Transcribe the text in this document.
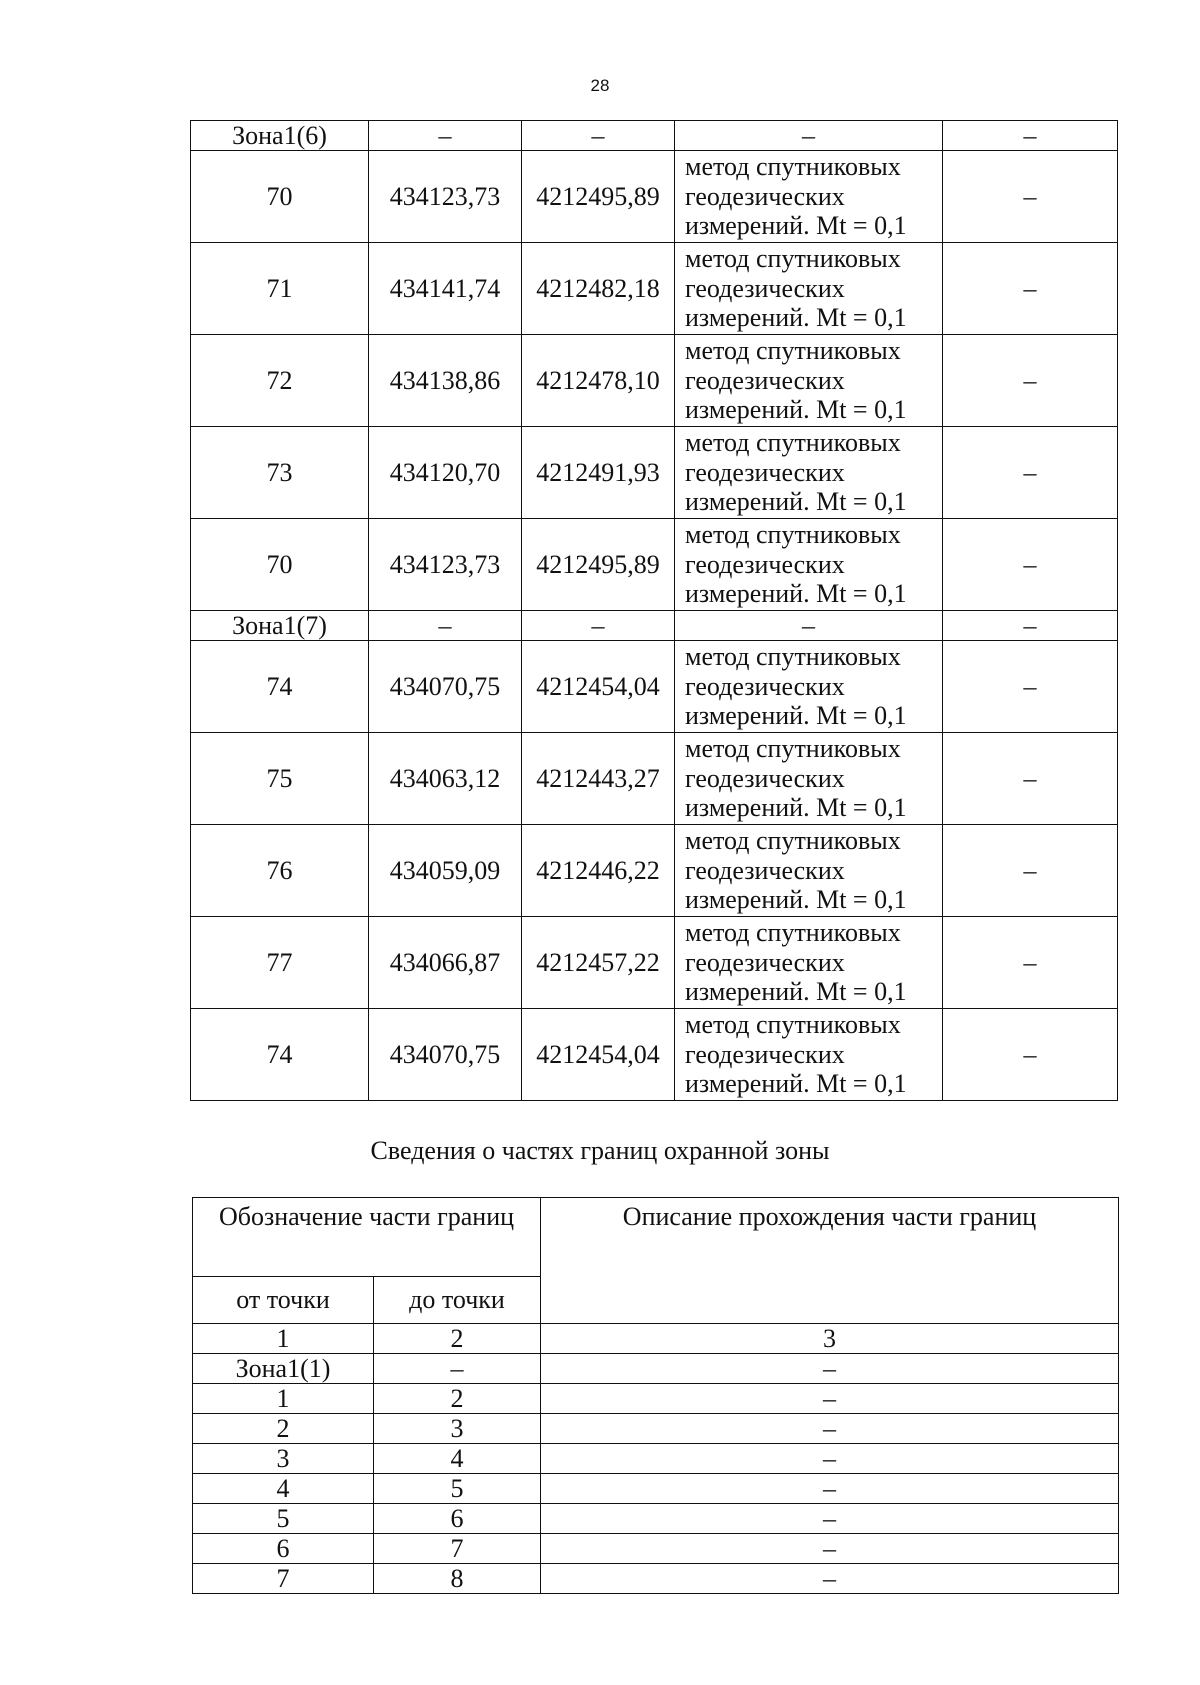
28
Зона1(6)	–	–	–	–
70	434123,73	4212495,89	метод спутниковых геодезических измерений. Mt = 0,1	–
71	434141,74	4212482,18	метод спутниковых геодезических измерений. Mt = 0,1	–
72	434138,86	4212478,10	метод спутниковых геодезических измерений. Mt = 0,1	–
73	434120,70	4212491,93	метод спутниковых геодезических измерений. Mt = 0,1	–
70	434123,73	4212495,89	метод спутниковых геодезических измерений. Mt = 0,1	–
Зона1(7)	–	–	–	–
74	434070,75	4212454,04	метод спутниковых геодезических измерений. Mt = 0,1	–
75	434063,12	4212443,27	метод спутниковых геодезических измерений. Mt = 0,1	–
76	434059,09	4212446,22	метод спутниковых геодезических измерений. Mt = 0,1	–
77	434066,87	4212457,22	метод спутниковых геодезических измерений. Mt = 0,1	–
74	434070,75	4212454,04	метод спутниковых геодезических измерений. Mt = 0,1	–
Сведения о частях границ охранной зоны
Обозначение части границ		Описание прохождения части границ
от точки	до точки	
1	2	3
Зона1(1)	–	–
1	2	–
2	3	–
3	4	–
4	5	–
5	6	–
6	7	–
7	8	–
